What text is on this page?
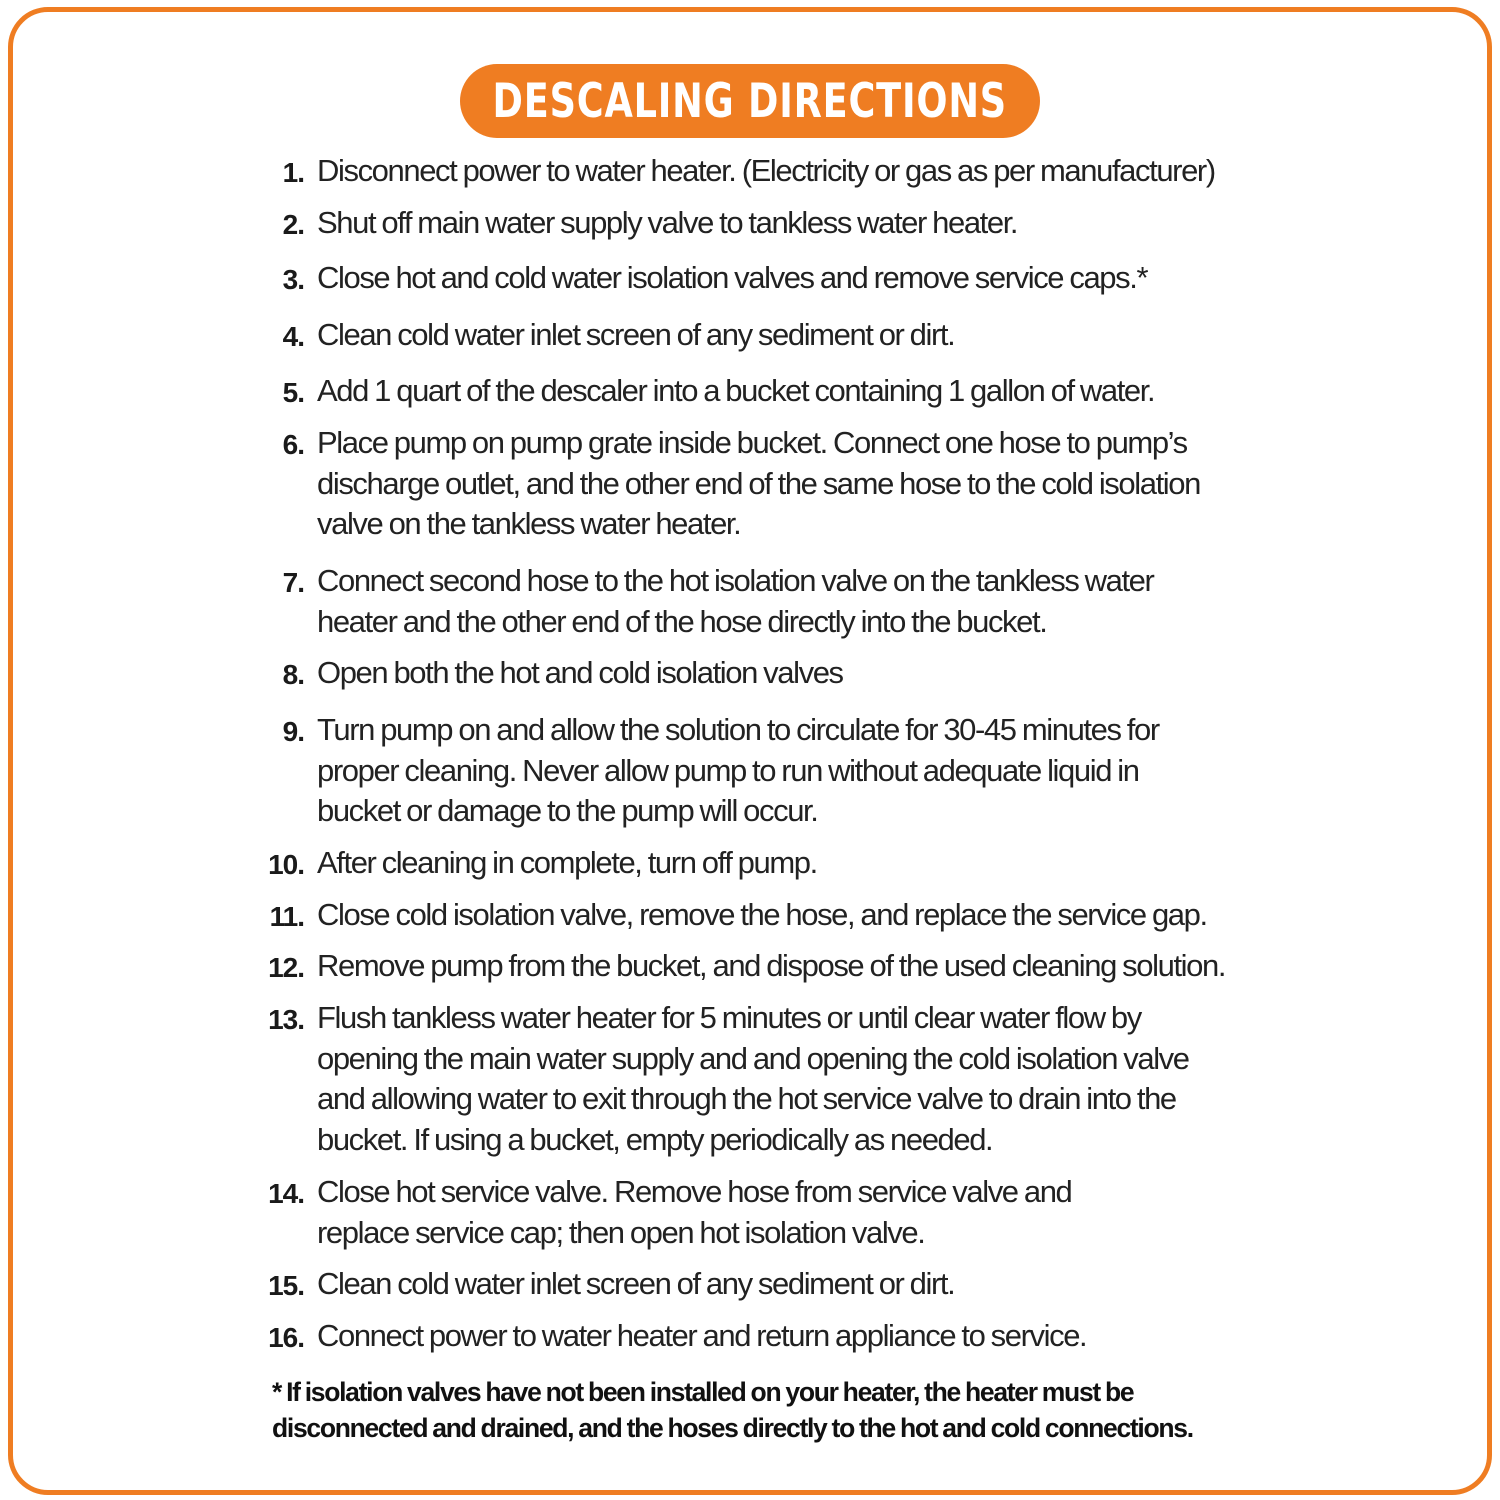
DESCALING DIRECTIONS
1. Disconnect power to water heater. (Electricity or gas as per manufacturer)
2. Shut off main water supply valve to tankless water heater.
3. Close hot and cold water isolation valves and remove service caps.*
4. Clean cold water inlet screen of any sediment or dirt.
5. Add 1 quart of the descaler into a bucket containing 1 gallon of water.
6. Place pump on pump grate inside bucket. Connect one hose to pump’s discharge outlet, and the other end of the same hose to the cold isolation valve on the tankless water heater.
7. Connect second hose to the hot isolation valve on the tankless water heater and the other end of the hose directly into the bucket.
8. Open both the hot and cold isolation valves
9. Turn pump on and allow the solution to circulate for 30-45 minutes for proper cleaning. Never allow pump to run without adequate liquid in bucket or damage to the pump will occur.
10. After cleaning in complete, turn off pump.
11. Close cold isolation valve, remove the hose, and replace the service gap.
12. Remove pump from the bucket, and dispose of the used cleaning solution.
13. Flush tankless water heater for 5 minutes or until clear water flow by opening the main water supply and and opening the cold isolation valve and allowing water to exit through the hot service valve to drain into the bucket. If using a bucket, empty periodically as needed.
14. Close hot service valve. Remove hose from service valve and replace service cap; then open hot isolation valve.
15. Clean cold water inlet screen of any sediment or dirt.
16. Connect power to water heater and return appliance to service.
* If isolation valves have not been installed on your heater, the heater must be disconnected and drained, and the hoses directly to the hot and cold connections.
